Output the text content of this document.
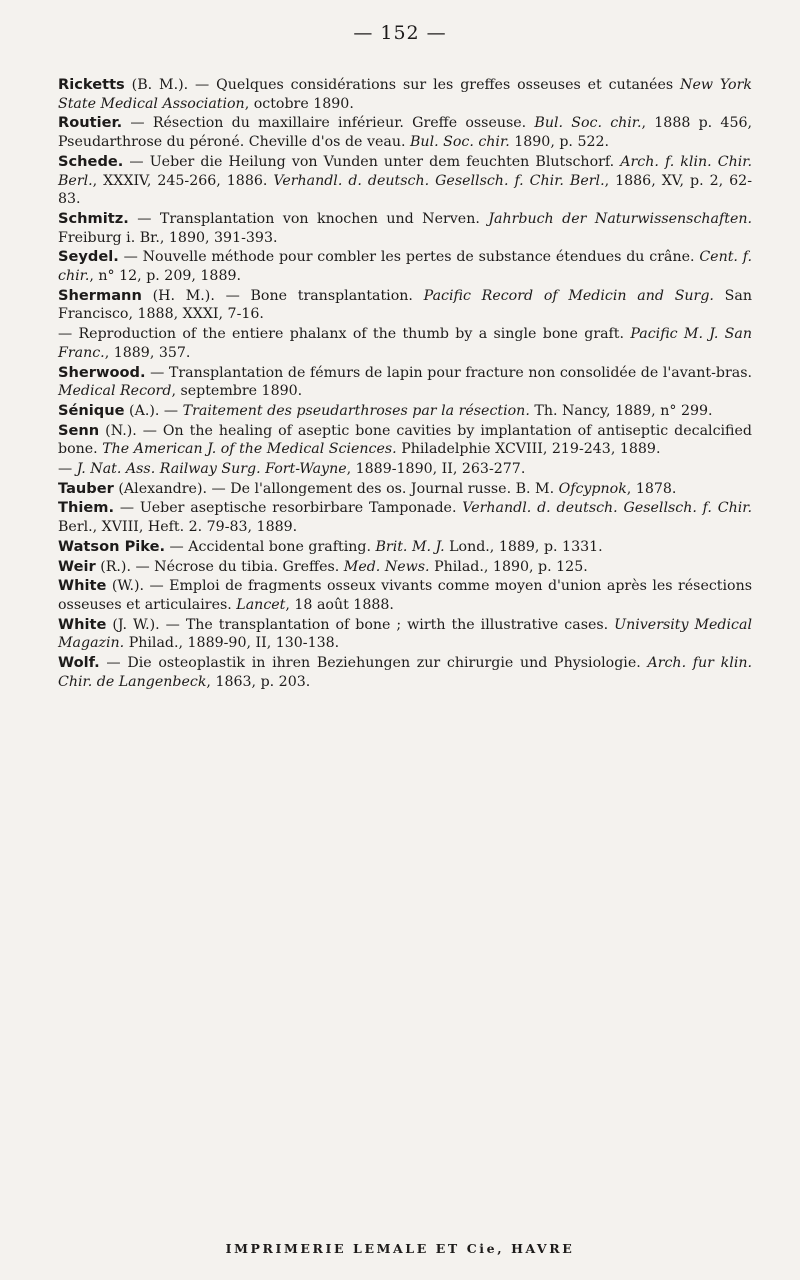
— 152 —

Ricketts (B. M.). — Quelques considérations sur les greffes osseuses et cutanées New York State Medical Association, octobre 1890.

Routier. — Résection du maxillaire inférieur. Greffe osseuse. Bul. Soc. chir., 1888 p. 456, Pseudarthrose du péroné. Cheville d'os de veau. Bul. Soc. chir. 1890, p. 522.

Schede. — Ueber die Heilung von Vunden unter dem feuchten Blutschorf. Arch. f. klin. Chir. Berl., XXXIV, 245-266, 1886. Verhandl. d. deutsch. Gesellsch. f. Chir. Berl., 1886, XV, p. 2, 62-83.

Schmitz. — Transplantation von knochen und Nerven. Jahrbuch der Naturwissenschaften. Freiburg i. Br., 1890, 391-393.

Seydel. — Nouvelle méthode pour combler les pertes de substance étendues du crâne. Cent. f. chir., n° 12, p. 209, 1889.

Shermann (H. M.). — Bone transplantation. Pacific Record of Medicin and Surg. San Francisco, 1888, XXXI, 7-16.

— Reproduction of the entiere phalanx of the thumb by a single bone graft. Pacific M. J. San Franc., 1889, 357.

Sherwood. — Transplantation de fémurs de lapin pour fracture non consolidée de l'avant-bras. Medical Record, septembre 1890.

Sénique (A.). — Traitement des pseudarthroses par la résection. Th. Nancy, 1889, n° 299.

Senn (N.). — On the healing of aseptic bone cavities by implantation of antiseptic decalcified bone. The American J. of the Medical Sciences. Philadelphie XCVIII, 219-243, 1889.

— J. Nat. Ass. Railway Surg. Fort-Wayne, 1889-1890, II, 263-277.

Tauber (Alexandre). — De l'allongement des os. Journal russe. B. M. Ofcypnok, 1878.

Thiem. — Ueber aseptische resorbirbare Tamponade. Verhandl. d. deutsch. Gesellsch. f. Chir. Berl., XVIII, Heft. 2. 79-83, 1889.

Watson Pike. — Accidental bone grafting. Brit. M. J. Lond., 1889, p. 1331.

Weir (R.). — Nécrose du tibia. Greffes. Med. News. Philad., 1890, p. 125.

White (W.). — Emploi de fragments osseux vivants comme moyen d'union après les résections osseuses et articulaires. Lancet, 18 août 1888.

White (J. W.). — The transplantation of bone ; wirth the illustrative cases. University Medical Magazin. Philad., 1889-90, II, 130-138.

Wolf. — Die osteoplastik in ihren Beziehungen zur chirurgie und Physiologie. Arch. fur klin. Chir. de Langenbeck, 1863, p. 203.

IMPRIMERIE LEMALE ET Cie, HAVRE
